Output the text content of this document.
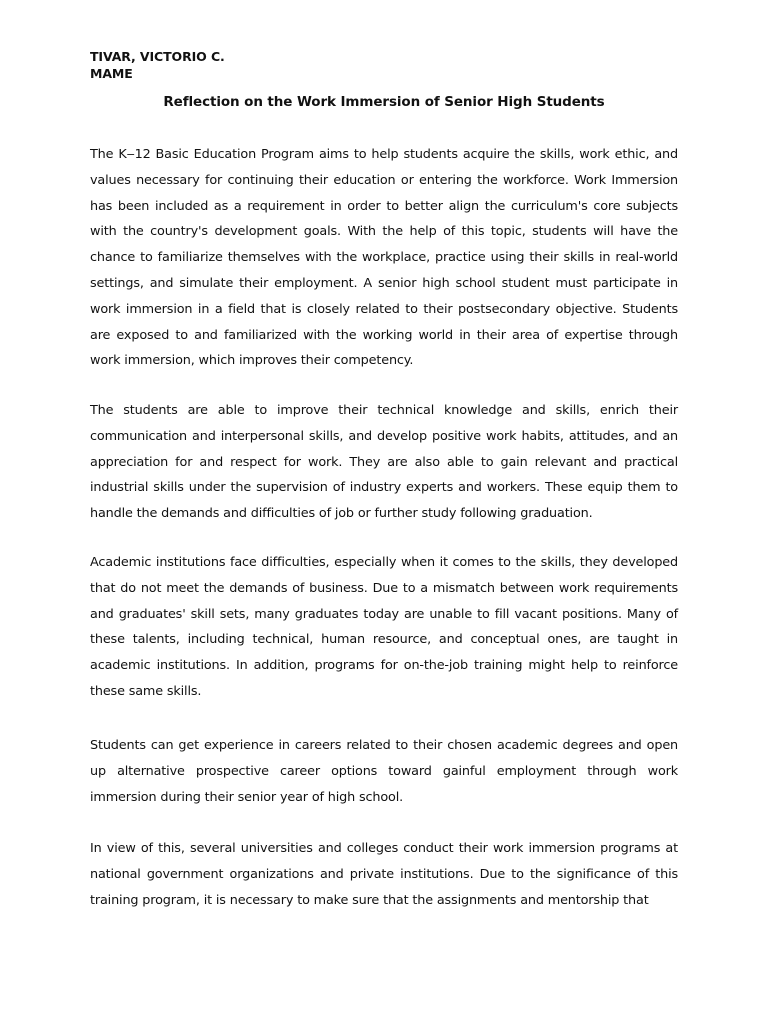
TIVAR, VICTORIO C.
MAME
Reflection on the Work Immersion of Senior High Students

The K‒12 Basic Education Program aims to help students acquire the skills, work ethic, and values necessary for continuing their education or entering the workforce. Work Immersion has been included as a requirement in order to better align the curriculum's core subjects with the country's development goals. With the help of this topic, students will have the chance to familiarize themselves with the workplace, practice using their skills in real-world settings, and simulate their employment. A senior high school student must participate in work immersion in a field that is closely related to their postsecondary objective. Students are exposed to and familiarized with the working world in their area of expertise through work immersion, which improves their competency.

The students are able to improve their technical knowledge and skills, enrich their communication and interpersonal skills, and develop positive work habits, attitudes, and an appreciation for and respect for work. They are also able to gain relevant and practical industrial skills under the supervision of industry experts and workers. These equip them to handle the demands and difficulties of job or further study following graduation.

Academic institutions face difficulties, especially when it comes to the skills, they developed that do not meet the demands of business. Due to a mismatch between work requirements and graduates' skill sets, many graduates today are unable to fill vacant positions. Many of these talents, including technical, human resource, and conceptual ones, are taught in academic institutions. In addition, programs for on-the-job training might help to reinforce these same skills.

Students can get experience in careers related to their chosen academic degrees and open up alternative prospective career options toward gainful employment through work immersion during their senior year of high school.

In view of this, several universities and colleges conduct their work immersion programs at national government organizations and private institutions. Due to the significance of this training program, it is necessary to make sure that the assignments and mentorship that
